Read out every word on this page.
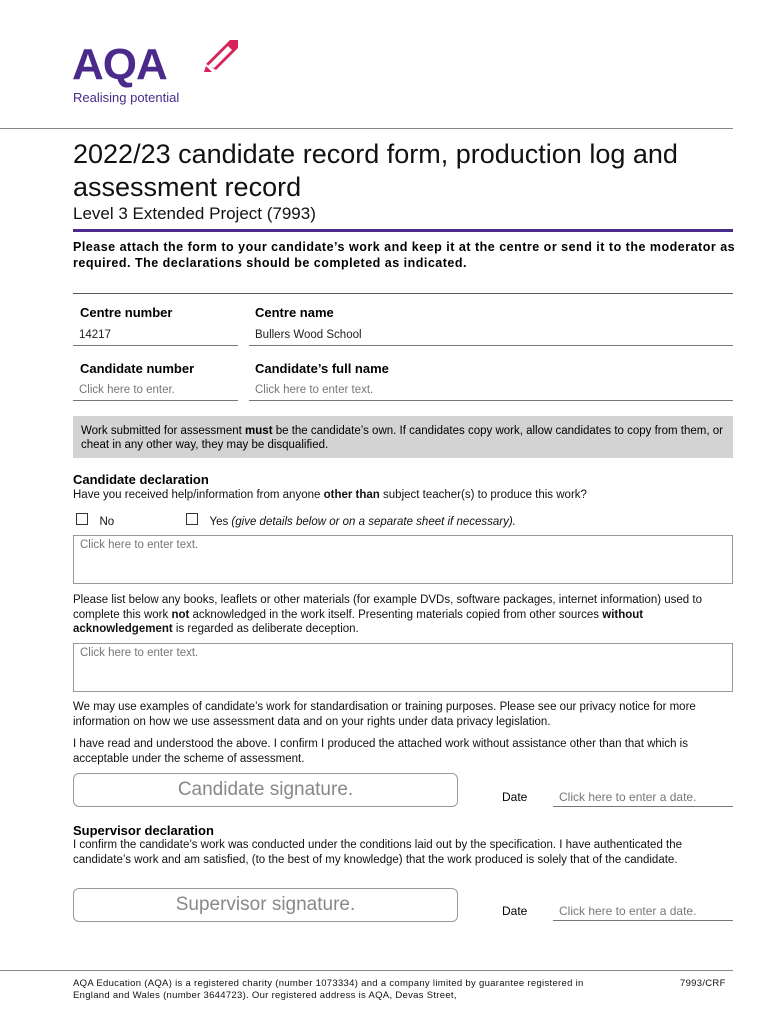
AQA
Realising potential
2022/23 candidate record form, production log and assessment record
Level 3 Extended Project (7993)
Please attach the form to your candidate’s work and keep it at the centre or send it to the moderator as required. The declarations should be completed as indicated.
Centre number
14217
Centre name
Bullers Wood School
Candidate number
Click here to enter.
Candidate’s full name
Click here to enter text.
Work submitted for assessment must be the candidate’s own. If candidates copy work, allow candidates to copy from them, or cheat in any other way, they may be disqualified.
Candidate declaration
Have you received help/information from anyone other than subject teacher(s) to produce this work?
No	Yes (give details below or on a separate sheet if necessary).
Click here to enter text.
Please list below any books, leaflets or other materials (for example DVDs, software packages, internet information) used to complete this work not acknowledged in the work itself. Presenting materials copied from other sources without acknowledgement is regarded as deliberate deception.
Click here to enter text.
We may use examples of candidate’s work for standardisation or training purposes. Please see our privacy notice for more information on how we use assessment data and on your rights under data privacy legislation.
I have read and understood the above. I confirm I produced the attached work without assistance other than that which is acceptable under the scheme of assessment.
Candidate signature.	Date	Click here to enter a date.
Supervisor declaration
I confirm the candidate’s work was conducted under the conditions laid out by the specification. I have authenticated the candidate’s work and am satisfied, (to the best of my knowledge) that the work produced is solely that of the candidate.
Supervisor signature.	Date	Click here to enter a date.
AQA Education (AQA) is a registered charity (number 1073334) and a company limited by guarantee registered in England and Wales (number 3644723). Our registered address is AQA, Devas Street,
7993/CRF
